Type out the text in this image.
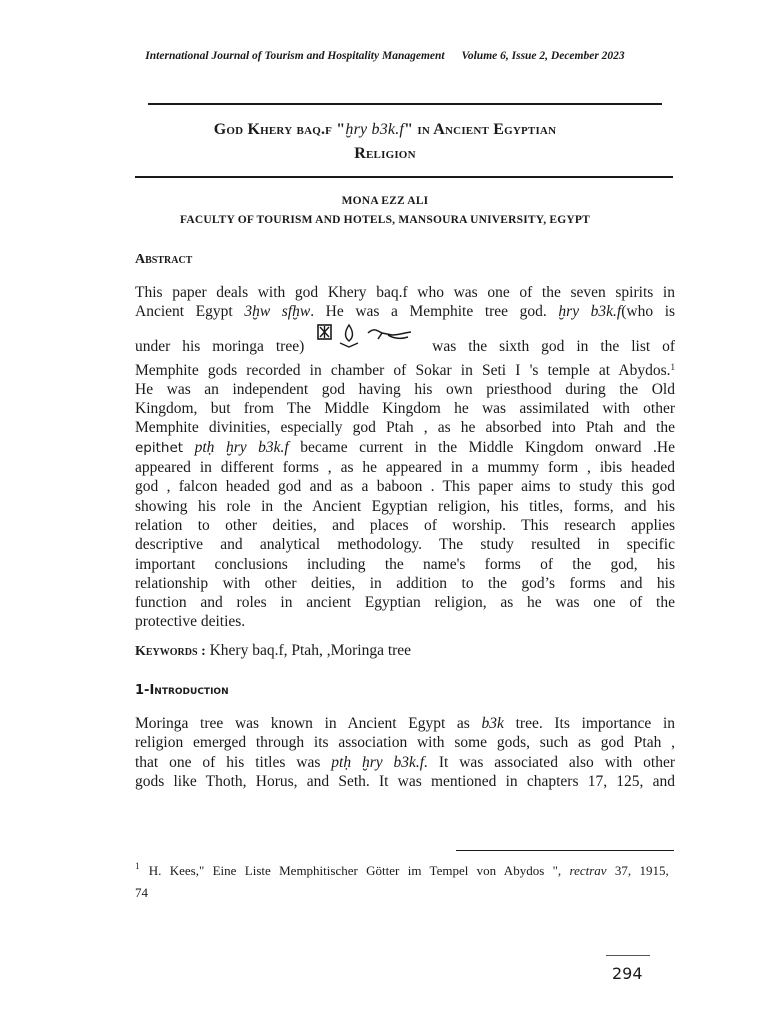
International Journal of Tourism and Hospitality Management Volume 6, Issue 2, December 2023
God Khery baq.f "ḫry b3k.f" in Ancient Egyptian
Religion
MONA EZZ ALI
FACULTY OF TOURISM AND HOTELS, MANSOURA UNIVERSITY, EGYPT
Abstract
This paper deals with god Khery baq.f who was one of the seven spirits in
Ancient Egypt 3ḫw sfḫw. He was a Memphite tree god. ḫry b3k.f(who is
under his moringa tree)	was the sixth god in the list of
Memphite gods recorded in chamber of Sokar in Seti I 's temple at Abydos.$^1$
He was an independent god having his own priesthood during the Old
Kingdom, but from The Middle Kingdom he was assimilated with other
Memphite divinities, especially god Ptah , as he absorbed into Ptah and the
epithet ptḥ ḫry b3k.f became current in the Middle Kingdom onward .He
appeared in different forms , as he appeared in a mummy form , ibis headed
god , falcon headed god and as a baboon . This paper aims to study this god
showing his role in the Ancient Egyptian religion, his titles, forms, and his
relation to other deities, and places of worship. This research applies
descriptive and analytical methodology. The study resulted in specific
important conclusions including the name's forms of the god, his
relationship with other deities, in addition to the god’s forms and his
function and roles in ancient Egyptian religion, as he was one of the
protective deities.
Keywords : Khery baq.f, Ptah, ,Moringa tree
1-Introduction
Moringa tree was known in Ancient Egypt as b3k tree. Its importance in
religion emerged through its association with some gods, such as god Ptah ,
that one of his titles was ptḥ ḫry b3k.f. It was associated also with other
gods like Thoth, Horus, and Seth. It was mentioned in chapters 17, 125, and
$^1$ H. Kees," Eine Liste Memphitischer Götter im Tempel von Abydos ", rectrav 37, 1915,
74
294
